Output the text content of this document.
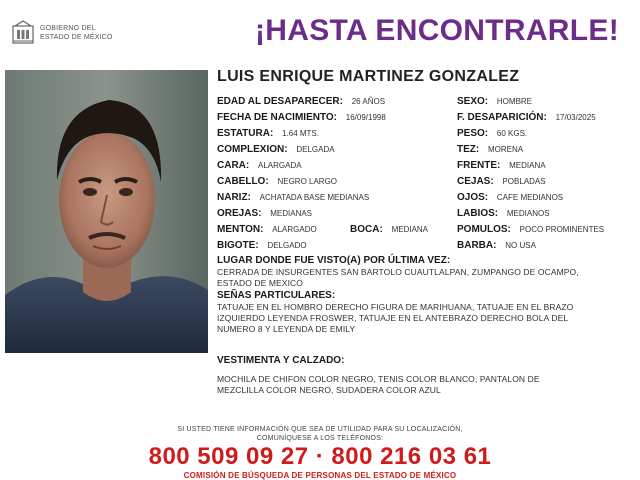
GOBIERNO DEL
ESTADO DE MÉXICO	¡HASTA ENCONTRARLE!
LUIS ENRIQUE MARTINEZ GONZALEZ
EDAD AL DESAPARECER: 26 AÑOS
FECHA DE NACIMIENTO: 16/09/1998
ESTATURA: 1.64 MTS.
COMPLEXION: DELGADA
CARA: ALARGADA
CABELLO: NEGRO LARGO
NARIZ: ACHATADA BASE MEDIANAS
OREJAS: MEDIANAS
MENTON: ALARGADO	BOCA: MEDIANA
BIGOTE: DELGADO
SEXO: HOMBRE
F. DESAPARICIÓN: 17/03/2025
PESO: 60 KGS.
TEZ: MORENA
FRENTE: MEDIANA
CEJAS: POBLADAS
OJOS: CAFE MEDIANOS
LABIOS: MEDIANOS
POMULOS: POCO PROMINENTES
BARBA: NO USA
LUGAR DONDE FUE VISTO(A) POR ÚLTIMA VEZ:
CERRADA DE INSURGENTES SAN BARTOLO CUAUTLALPAN, ZUMPANGO DE OCAMPO,
ESTADO DE MEXICO
SEÑAS PARTICULARES:
TATUAJE EN EL HOMBRO DERECHO FIGURA DE MARIHUANA, TATUAJE EN EL BRAZO
IZQUIERDO LEYENDA FROSWER, TATUAJE EN EL ANTEBRAZO DERECHO BOLA DEL
NUMERO 8 Y LEYENDA DE EMILY
VESTIMENTA Y CALZADO:
MOCHILA DE CHIFON COLOR NEGRO, TENIS COLOR BLANCO, PANTALON DE
MEZCLILLA COLOR NEGRO, SUDADERA COLOR AZUL
SI USTED TIENE INFORMACIÓN QUE SEA DE UTILIDAD PARA SU LOCALIZACIÓN,
COMUNÍQUESE A LOS TELÉFONOS:
800 509 09 27 · 800 216 03 61
COMISIÓN DE BÚSQUEDA DE PERSONAS DEL ESTADO DE MÉXICO
